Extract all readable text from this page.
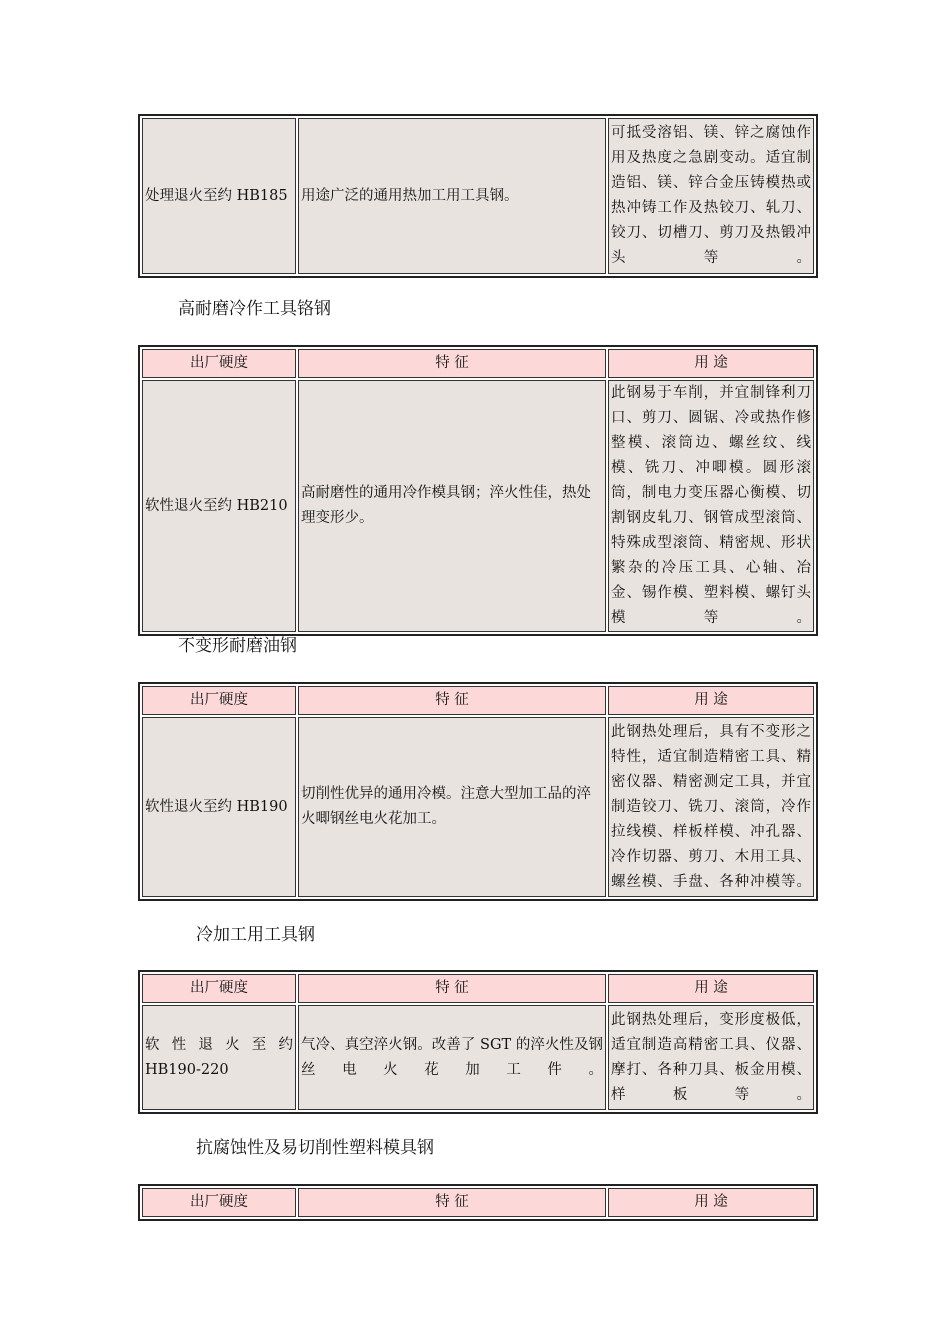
处理退火至约 HB185	用途广泛的通用热加工用工具钢。	可抵受溶铝、镁、锌之腐蚀作用及热度之急剧变动。适宜制造铝、镁、锌合金压铸模热或热冲铸工作及热铰刀、轧刀、铰刀、切槽刀、剪刀及热锻冲头等。
高耐磨冷作工具铬钢
出厂硬度	特 征	用 途
软性退火至约 HB210	高耐磨性的通用冷作模具钢；淬火性佳，热处理变形少。	此钢易于车削，并宜制锋利刀口、剪刀、圆锯、冷或热作修整模、滚筒边、螺丝纹、线模、铣刀、冲唧模。圆形滚筒，制电力变压器心衡模、切割钢皮轧刀、钢管成型滚筒、特殊成型滚筒、精密规、形状繁杂的冷压工具、心轴、冶金、锡作模、塑料模、螺钉头模等。
不变形耐磨油钢
出厂硬度	特 征	用 途
软性退火至约 HB190	切削性优异的通用冷模。注意大型加工品的淬火唧钢丝电火花加工。	此钢热处理后，具有不变形之特性，适宜制造精密工具、精密仪器、精密测定工具，并宜制造铰刀、铣刀、滚筒，冷作拉线模、样板样模、冲孔器、冷作切器、剪刀、木用工具、螺丝模、手盘、各种冲模等。
冷加工用工具钢
出厂硬度	特 征	用 途
软 性 退 火 至 约 HB190-220	气冷、真空淬火钢。改善了 SGT 的淬火性及钢丝电火花加工件。	此钢热处理后，变形度极低，适宜制造高精密工具、仪器、摩打、各种刀具、板金用模、样板等。
抗腐蚀性及易切削性塑料模具钢
出厂硬度	特 征	用 途
